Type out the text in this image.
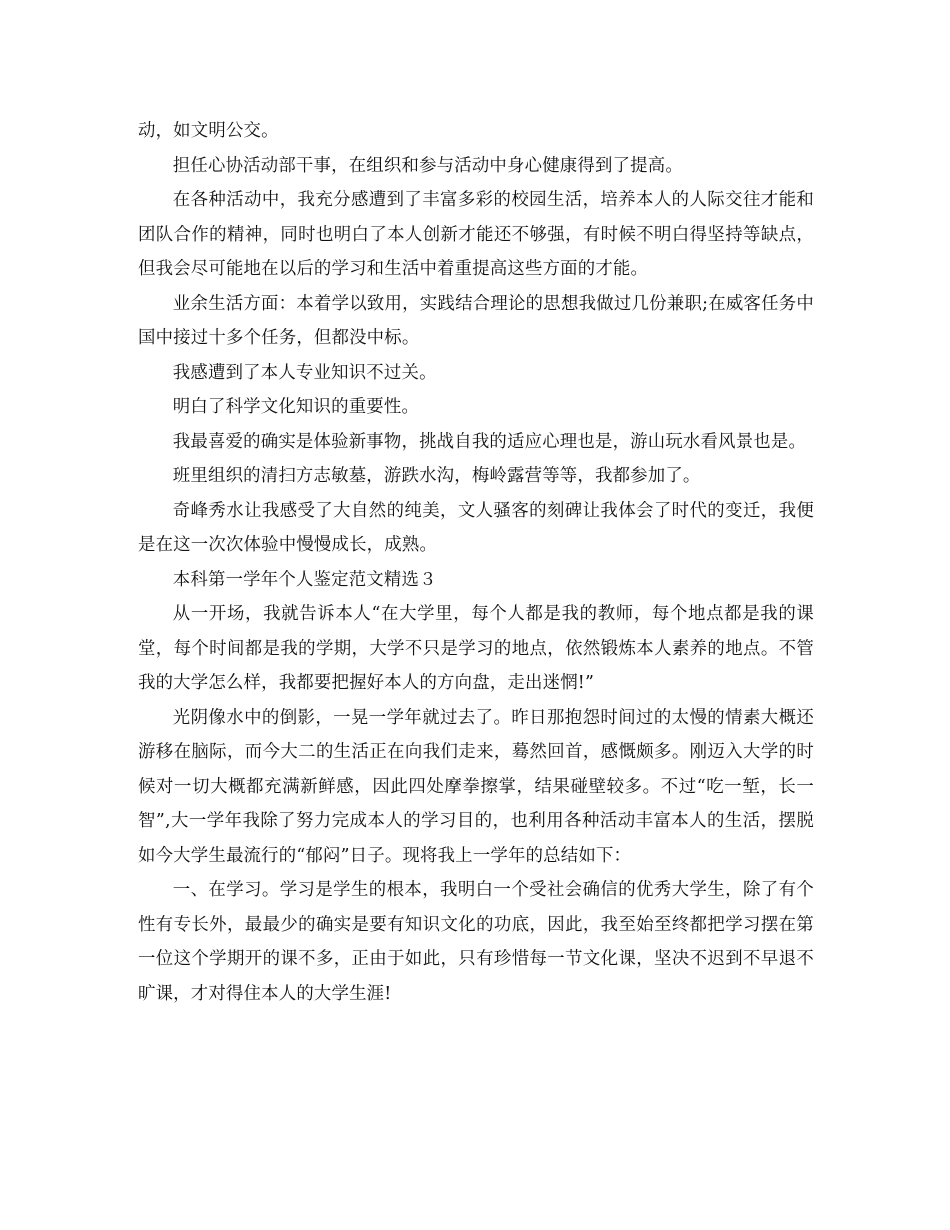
动，如文明公交。

担任心协活动部干事，在组织和参与活动中身心健康得到了提高。

在各种活动中，我充分感遭到了丰富多彩的校园生活，培养本人的人际交往才能和团队合作的精神，同时也明白了本人创新才能还不够强，有时候不明白得坚持等缺点，但我会尽可能地在以后的学习和生活中着重提高这些方面的才能。

业余生活方面：本着学以致用，实践结合理论的思想我做过几份兼职;在威客任务中国中接过十多个任务，但都没中标。

我感遭到了本人专业知识不过关。

明白了科学文化知识的重要性。

我最喜爱的确实是体验新事物，挑战自我的适应心理也是，游山玩水看风景也是。

班里组织的清扫方志敏墓，游跌水沟，梅岭露营等等，我都参加了。

奇峰秀水让我感受了大自然的纯美，文人骚客的刻碑让我体会了时代的变迁，我便是在这一次次体验中慢慢成长，成熟。

本科第一学年个人鉴定范文精选３

从一开场，我就告诉本人“在大学里，每个人都是我的教师，每个地点都是我的课堂，每个时间都是我的学期，大学不只是学习的地点，依然锻炼本人素养的地点。不管我的大学怎么样，我都要把握好本人的方向盘，走出迷惘!”

光阴像水中的倒影，一晃一学年就过去了。昨日那抱怨时间过的太慢的情素大概还游移在脑际，而今大二的生活正在向我们走来，蓦然回首，感慨颇多。刚迈入大学的时候对一切大概都充满新鲜感，因此四处摩拳擦掌，结果碰壁较多。不过“吃一堑，长一智”,大一学年我除了努力完成本人的学习目的，也利用各种活动丰富本人的生活，摆脱如今大学生最流行的“郁闷”日子。现将我上一学年的总结如下：

一、在学习。学习是学生的根本，我明白一个受社会确信的优秀大学生，除了有个性有专长外，最最少的确实是要有知识文化的功底，因此，我至始至终都把学习摆在第一位这个学期开的课不多，正由于如此，只有珍惜每一节文化课，坚决不迟到不早退不旷课，才对得住本人的大学生涯!
